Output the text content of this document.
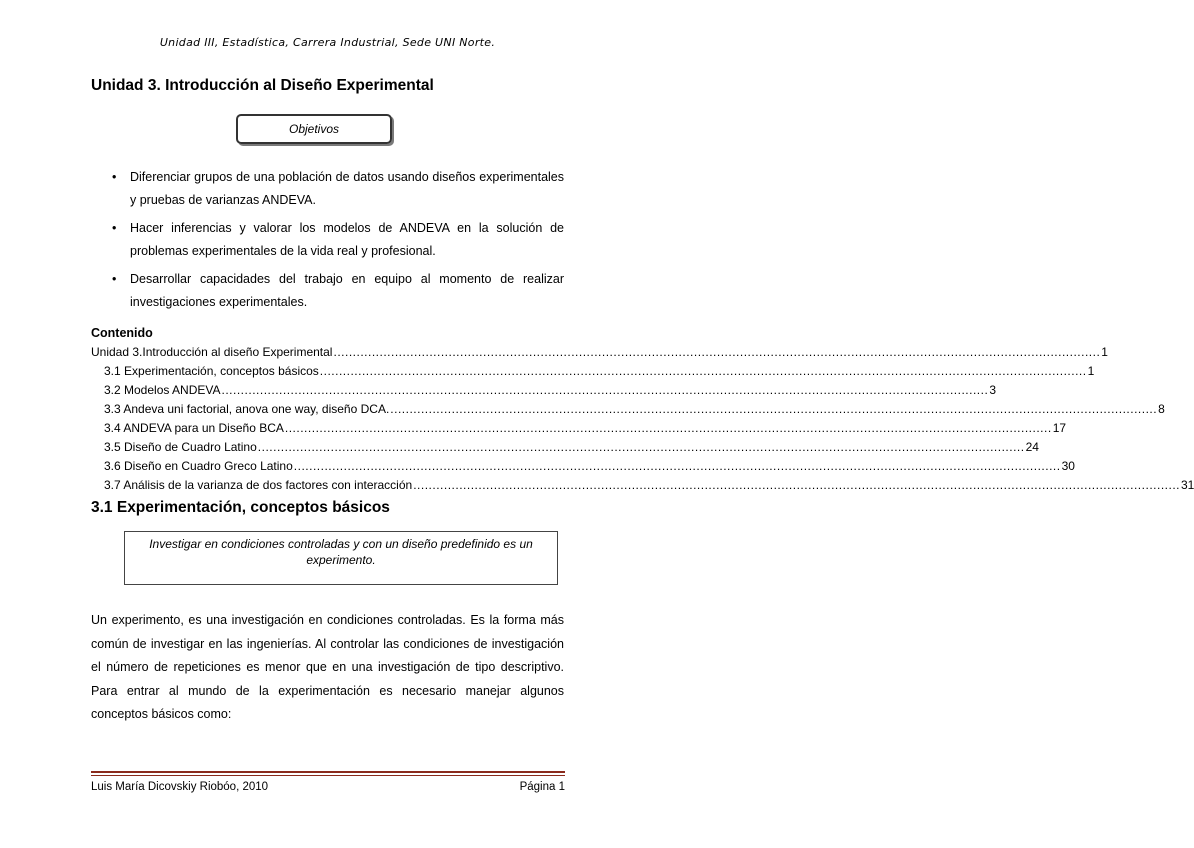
Unidad III, Estadística, Carrera Industrial, Sede UNI Norte.
Unidad 3. Introducción al Diseño Experimental
Objetivos
• Diferenciar grupos de una población de datos usando diseños experimentales y pruebas de varianzas ANDEVA.
• Hacer inferencias y valorar los modelos de ANDEVA en la solución de problemas experimentales de la vida real y profesional.
• Desarrollar capacidades del trabajo en equipo al momento de realizar investigaciones experimentales.
Contenido
Unidad 3.Introducción al diseño Experimental ........................................................................................................................................................................................................ 1
3.1 Experimentación, conceptos básicos ........................................................................................................................................................................................................ 1
3.2 Modelos ANDEVA ........................................................................................................................................................................................................ 3
3.3 Andeva uni factorial, anova one way, diseño DCA. ........................................................................................................................................................................................................ 8
3.4 ANDEVA para un Diseño BCA ........................................................................................................................................................................................................ 17
3.5 Diseño de Cuadro Latino ........................................................................................................................................................................................................ 24
3.6 Diseño en Cuadro Greco Latino ........................................................................................................................................................................................................ 30
3.7 Análisis de la varianza de dos factores con interacción ........................................................................................................................................................................................................ 31
3.1 Experimentación, conceptos básicos
Investigar en condiciones controladas y con un diseño predefinido es un experimento.
Un experimento, es una investigación en condiciones controladas. Es la forma más común de investigar en las ingenierías. Al controlar las condiciones de investigación el número de repeticiones es menor que en una investigación de tipo descriptivo. Para entrar al mundo de la experimentación es necesario manejar algunos conceptos básicos como:
Luis María Dicovskiy Riobóo, 2010	Página 1
